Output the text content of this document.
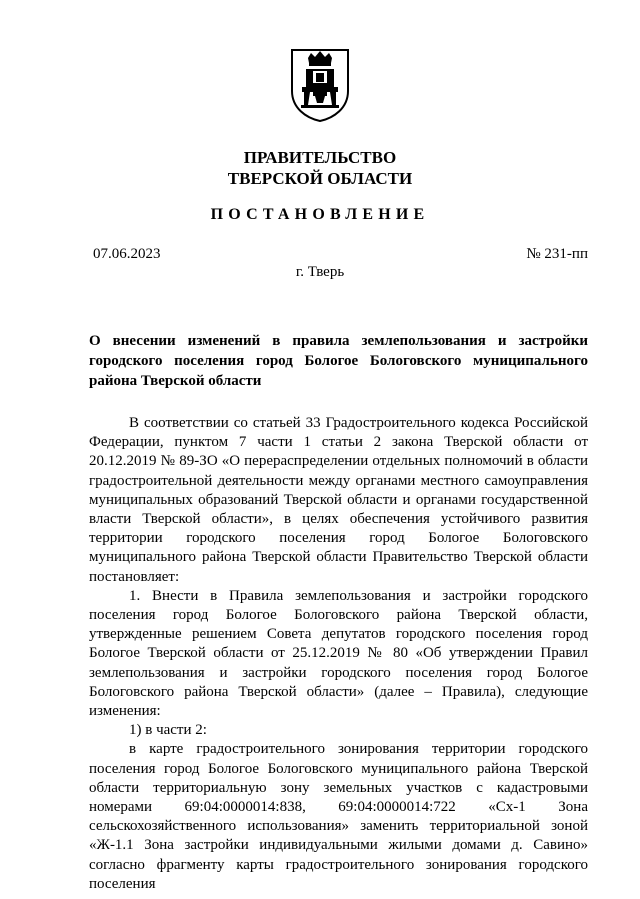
ПРАВИТЕЛЬСТВО
ТВЕРСКОЙ ОБЛАСТИ
ПОСТАНОВЛЕНИЕ
07.06.2023	№ 231-пп
г. Тверь
О внесении изменений в правила землепользования и застройки городского поселения город Бологое Бологовского муниципального района Тверской области

В соответствии со статьей 33 Градостроительного кодекса Российской Федерации, пунктом 7 части 1 статьи 2 закона Тверской области от 20.12.2019 № 89-ЗО «О перераспределении отдельных полномочий в области градостроительной деятельности между органами местного самоуправления муниципальных образований Тверской области и органами государственной власти Тверской области», в целях обеспечения устойчивого развития территории городского поселения город Бологое Бологовского муниципального района Тверской области Правительство Тверской области постановляет:

1. Внести в Правила землепользования и застройки городского поселения город Бологое Бологовского района Тверской области, утвержденные решением Совета депутатов городского поселения город Бологое Тверской области от 25.12.2019 № 80 «Об утверждении Правил землепользования и застройки городского поселения город Бологое Бологовского района Тверской области» (далее – Правила), следующие изменения:

1) в части 2:

в карте градостроительного зонирования территории городского поселения город Бологое Бологовского муниципального района Тверской области территориальную зону земельных участков с кадастровыми номерами 69:04:0000014:838, 69:04:0000014:722 «Сх-1 Зона сельскохозяйственного использования» заменить территориальной зоной «Ж-1.1 Зона застройки индивидуальными жилыми домами д. Савино» согласно фрагменту карты градостроительного зонирования городского поселения
